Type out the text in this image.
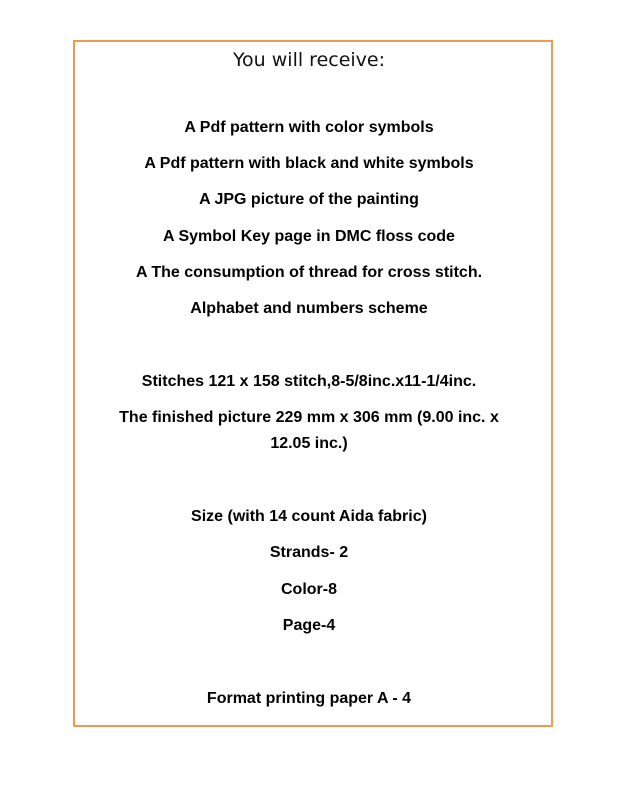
You will receive:
A Pdf pattern with color symbols
A Pdf pattern with black and white symbols
A JPG picture of the painting
A Symbol Key page in DMC floss code
A The consumption of thread for cross stitch.
Alphabet and numbers scheme
Stitches 121 x 158 stitch,8-5/8inc.x11-1/4inc.
The finished picture 229 mm x 306 mm (9.00 inc. x
12.05 inc.)
Size (with 14 count Aida fabric)
Strands- 2
Color-8
Page-4
Format printing paper A - 4
